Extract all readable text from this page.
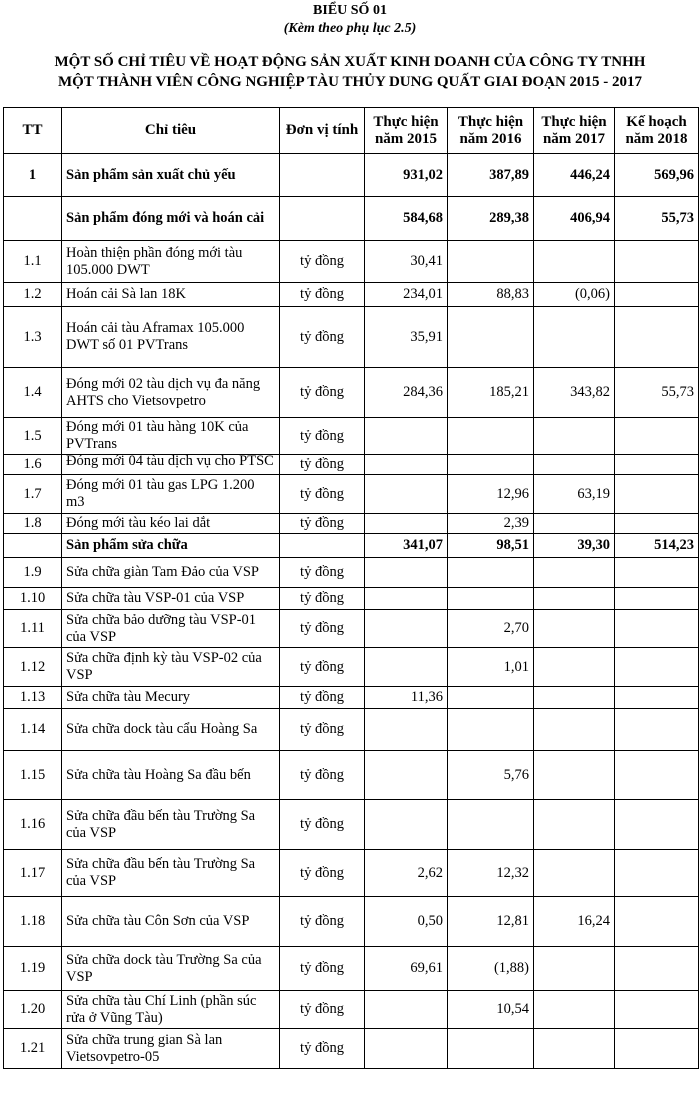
BIỂU SỐ 01
(Kèm theo phụ lục 2.5)
MỘT SỐ CHỈ TIÊU VỀ HOẠT ĐỘNG SẢN XUẤT KINH DOANH CỦA CÔNG TY TNHH
MỘT THÀNH VIÊN CÔNG NGHIỆP TÀU THỦY DUNG QUẤT GIAI ĐOẠN 2015 - 2017
TT	Chỉ tiêu	Đơn vị tính	Thực hiện năm 2015	Thực hiện năm 2016	Thực hiện năm 2017	Kế hoạch năm 2018
1	Sản phẩm sản xuất chủ yếu		931,02	387,89	446,24	569,96
	Sản phẩm đóng mới và hoán cải		584,68	289,38	406,94	55,73
1.1	Hoàn thiện phần đóng mới tàu 105.000 DWT	tỷ đồng	30,41			
1.2	Hoán cải Sà lan 18K	tỷ đồng	234,01	88,83	(0,06)	
1.3	Hoán cải tàu Aframax 105.000 DWT số 01 PVTrans	tỷ đồng	35,91			
1.4	Đóng mới 02 tàu dịch vụ đa năng AHTS cho Vietsovpetro	tỷ đồng	284,36	185,21	343,82	55,73
1.5	Đóng mới 01 tàu hàng 10K của PVTrans	tỷ đồng				
1.6	Đóng mới 04 tàu dịch vụ cho PTSC	tỷ đồng				
1.7	Đóng mới 01 tàu gas LPG 1.200 m3	tỷ đồng		12,96	63,19	
1.8	Đóng mới tàu kéo lai dắt	tỷ đồng		2,39		
	Sản phẩm sửa chữa		341,07	98,51	39,30	514,23
1.9	Sửa chữa giàn Tam Đảo của VSP	tỷ đồng				
1.10	Sửa chữa tàu VSP-01 của VSP	tỷ đồng				
1.11	Sửa chữa bảo dưỡng tàu VSP-01 của VSP	tỷ đồng		2,70		
1.12	Sửa chữa định kỳ tàu VSP-02 của VSP	tỷ đồng		1,01		
1.13	Sửa chữa tàu Mecury	tỷ đồng	11,36			
1.14	Sửa chữa dock tàu cẩu Hoàng Sa	tỷ đồng				
1.15	Sửa chữa tàu Hoàng Sa đầu bến	tỷ đồng		5,76		
1.16	Sửa chữa đầu bến tàu Trường Sa của VSP	tỷ đồng				
1.17	Sửa chữa đầu bến tàu Trường Sa của VSP	tỷ đồng	2,62	12,32		
1.18	Sửa chữa tàu Côn Sơn của VSP	tỷ đồng	0,50	12,81	16,24	
1.19	Sửa chữa dock tàu Trường Sa của VSP	tỷ đồng	69,61	(1,88)		
1.20	Sửa chữa tàu Chí Linh (phần súc rửa ở Vũng Tàu)	tỷ đồng		10,54		
1.21	Sửa chữa trung gian Sà lan Vietsovpetro-05	tỷ đồng				
